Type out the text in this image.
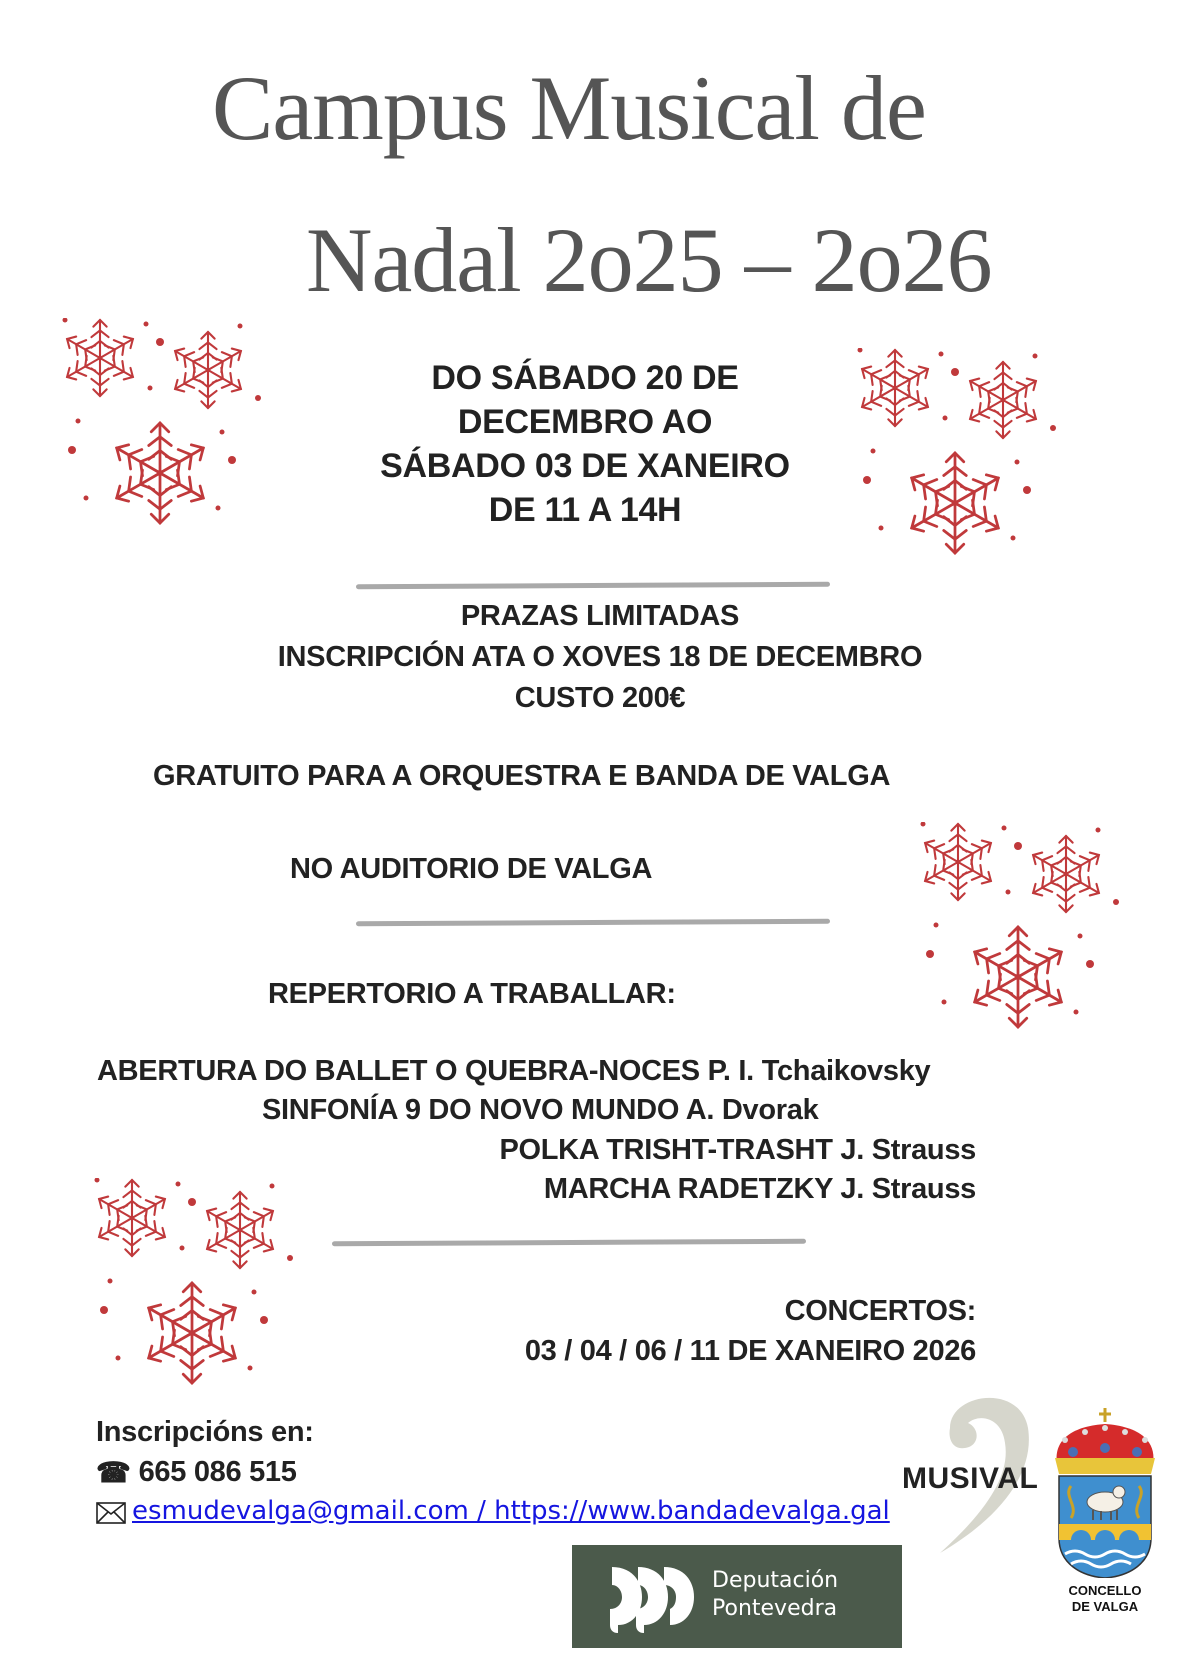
Campus Musical de
Nadal 2o25 – 2o26
DO SÁBADO 20 DE
DECEMBRO AO
SÁBADO 03 DE XANEIRO
DE 11 A 14H
PRAZAS LIMITADAS
INSCRIPCIÓN ATA O XOVES 18 DE DECEMBRO
CUSTO 200€
GRATUITO PARA A ORQUESTRA E BANDA DE VALGA
NO AUDITORIO DE VALGA
REPERTORIO A TRABALLAR:
ABERTURA DO BALLET O QUEBRA-NOCES P. I. Tchaikovsky
SINFONÍA 9 DO NOVO MUNDO A. Dvorak
POLKA TRISHT-TRASHT J. Strauss
MARCHA RADETZKY J. Strauss
CONCERTOS:
03 / 04 / 06 / 11 DE XANEIRO 2026
Inscripcións en:
☎ 665 086 515
esmudevalga@gmail.com / https://www.bandadevalga.gal
MUSIVAL
CONCELLO
DE VALGA
Deputación
Pontevedra
